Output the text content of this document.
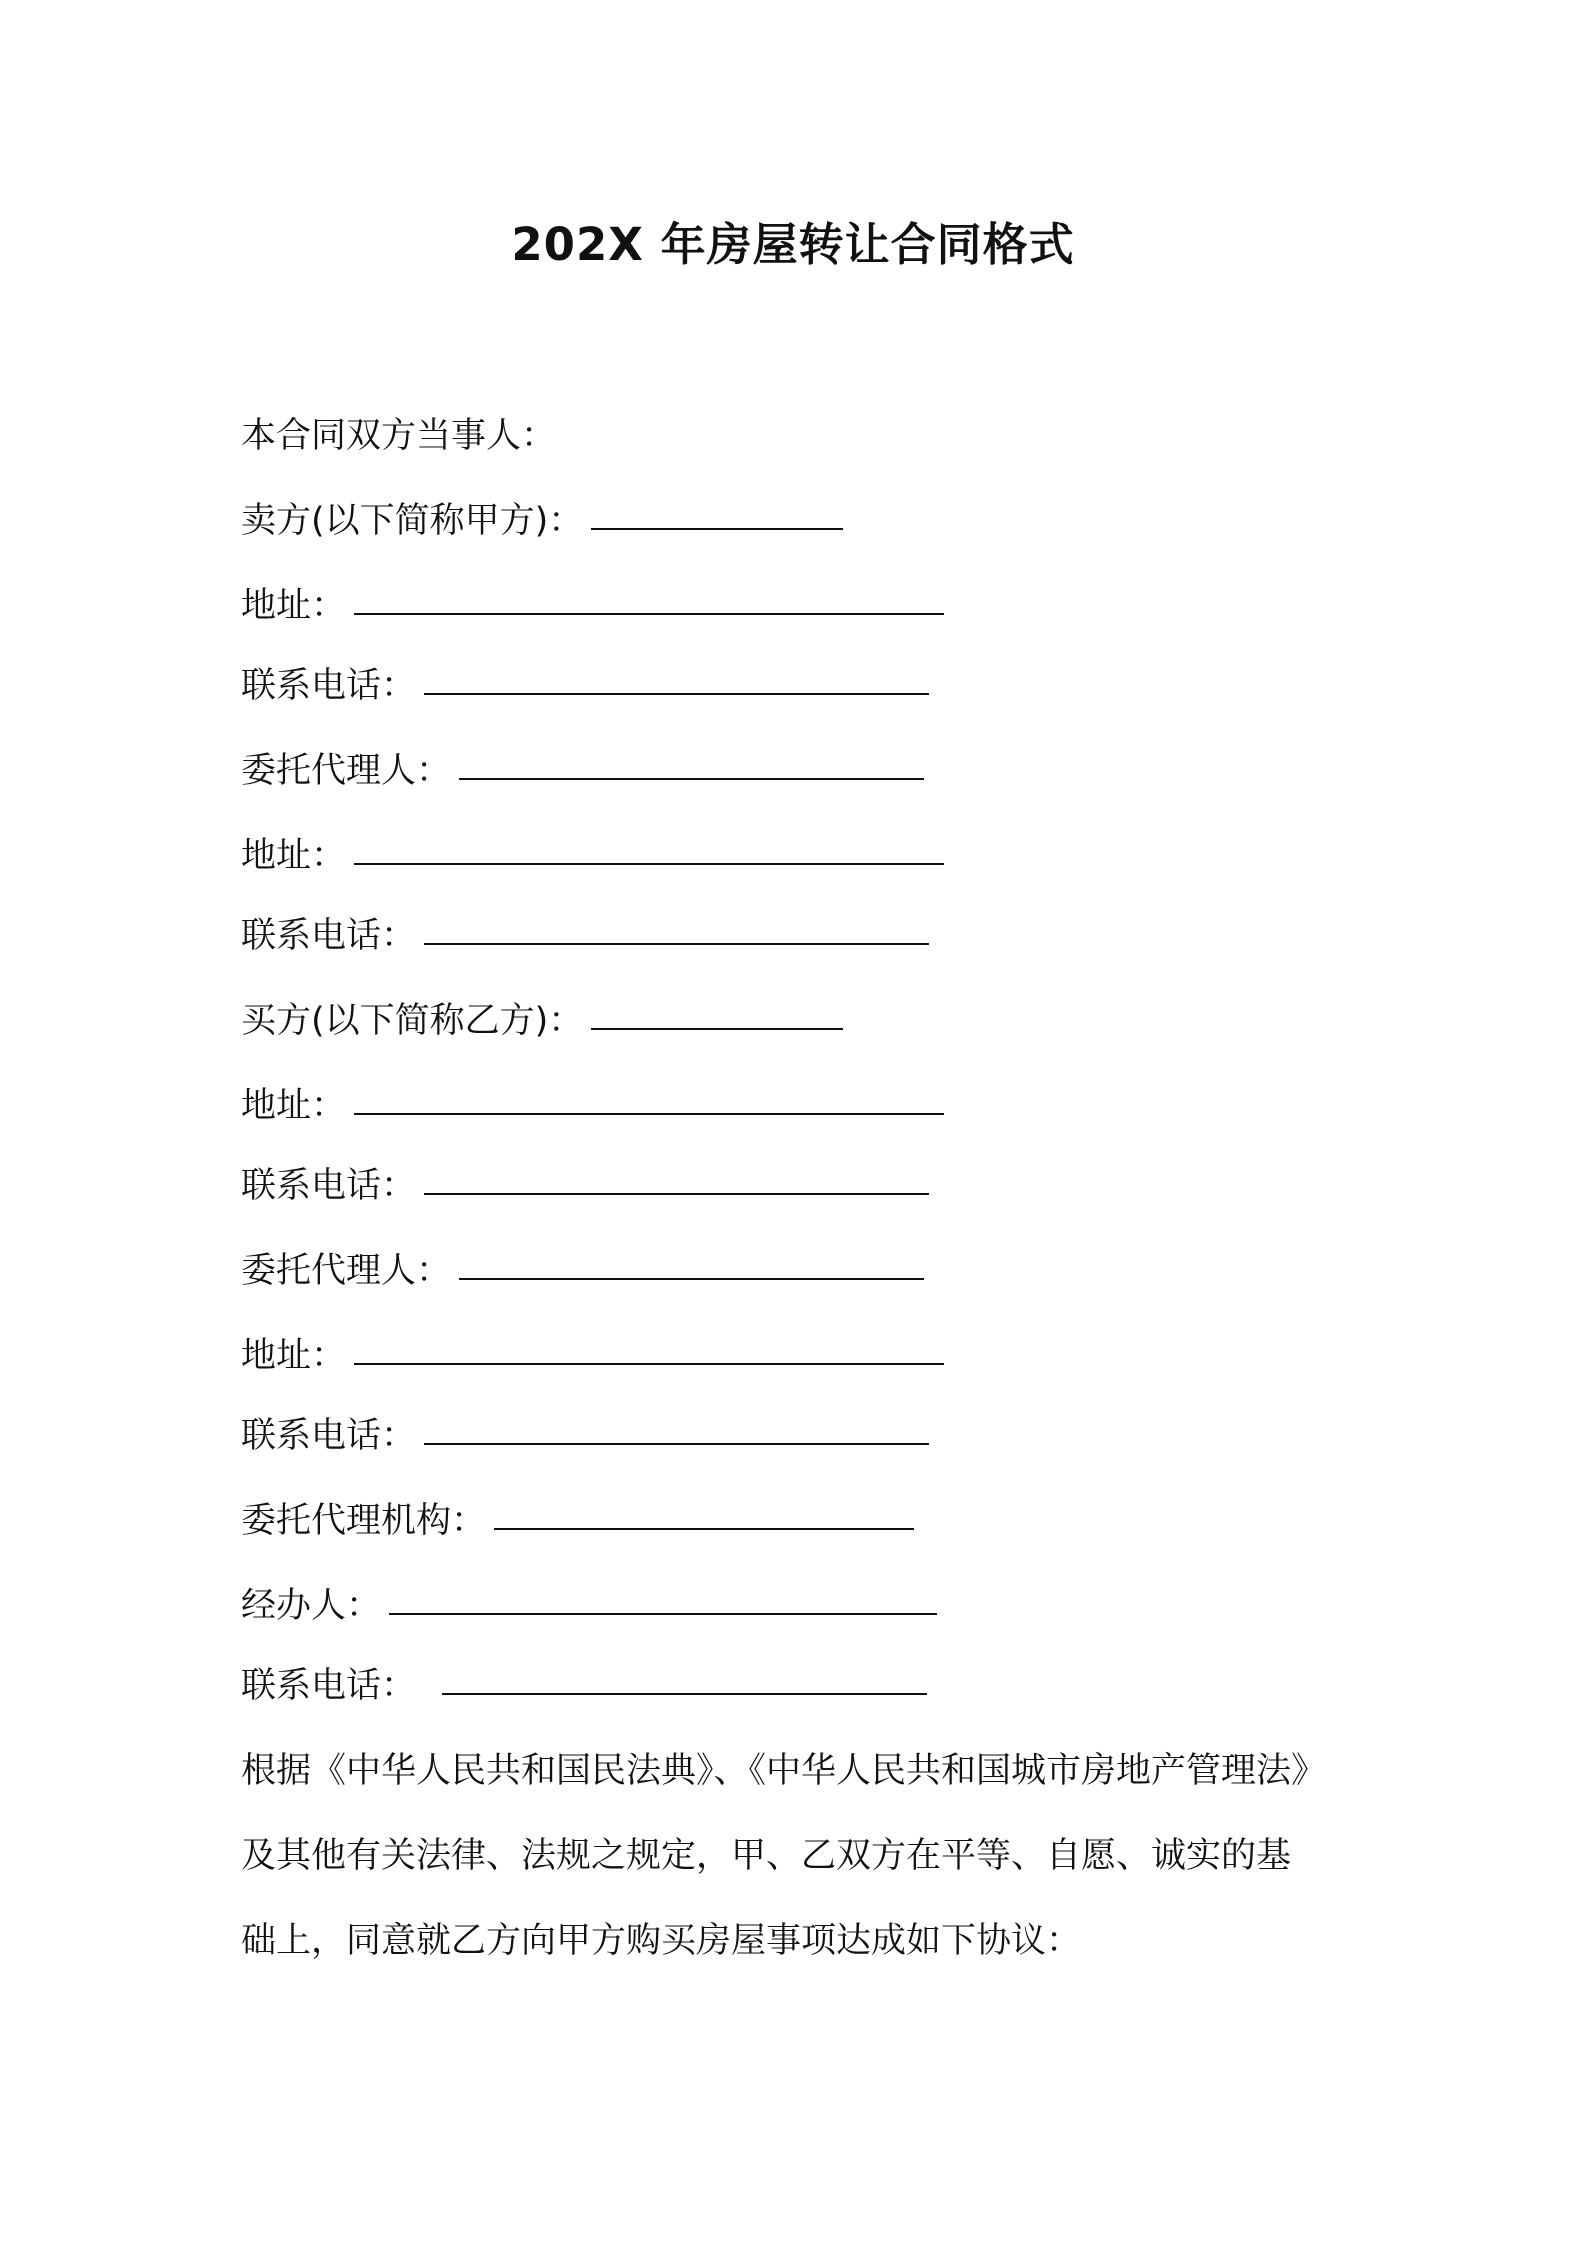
202X 年房屋转让合同格式

本合同双方当事人：

卖方(以下简称甲方)：

地址：

联系电话：

委托代理人：

地址：

联系电话：

买方(以下简称乙方)：

地址：

联系电话：

委托代理人：

地址：

联系电话：

委托代理机构：

经办人：

联系电话：

根据《中华人民共和国民法典》、《中华人民共和国城市房地产管理法》

及其他有关法律、法规之规定，甲、乙双方在平等、自愿、诚实的基

础上，同意就乙方向甲方购买房屋事项达成如下协议：
